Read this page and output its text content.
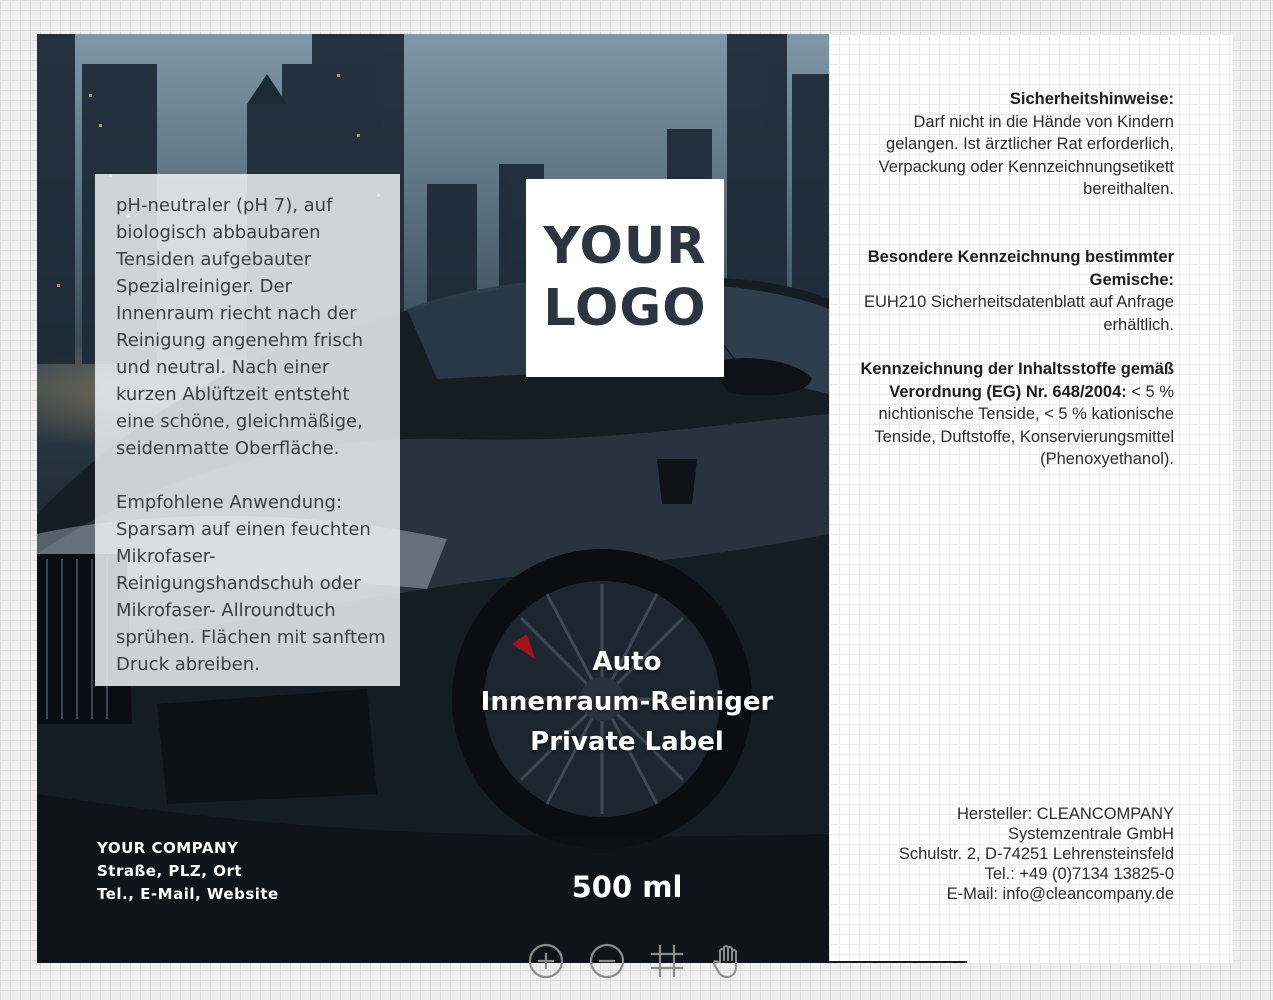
pH-neutraler (pH 7), auf biologisch abbaubaren Tensiden aufgebauter Spezialreiniger. Der Innenraum riecht nach der Reinigung angenehm frisch und neutral. Nach einer kurzen Ablüftzeit entsteht eine schöne, gleichmäßige, seidenmatte Oberfläche.

Empfohlene Anwendung: Sparsam auf einen feuchten Mikrofaser-Reinigungshandschuh oder Mikrofaser- Allroundtuch sprühen. Flächen mit sanftem Druck abreiben.
YOUR
LOGO
Auto
Innenraum-Reiniger
Private Label
500 ml
YOUR COMPANY
Straße, PLZ, Ort
Tel., E-Mail, Website
Sicherheitshinweise:
Darf nicht in die Hände von Kindern gelangen. Ist ärztlicher Rat erforderlich, Verpackung oder Kennzeichnungsetikett bereithalten.
Besondere Kennzeichnung bestimmter Gemische:
EUH210 Sicherheitsdatenblatt auf Anfrage erhältlich.
Kennzeichnung der Inhaltsstoffe gemäß Verordnung (EG) Nr. 648/2004: < 5 % nichtionische Tenside, < 5 % kationische Tenside, Duftstoffe, Konservierungsmittel (Phenoxyethanol).
Hersteller: CLEANCOMPANY
Systemzentrale GmbH
Schulstr. 2, D-74251 Lehrensteinsfeld
Tel.: +49 (0)7134 13825-0
E-Mail: info@cleancompany.de
